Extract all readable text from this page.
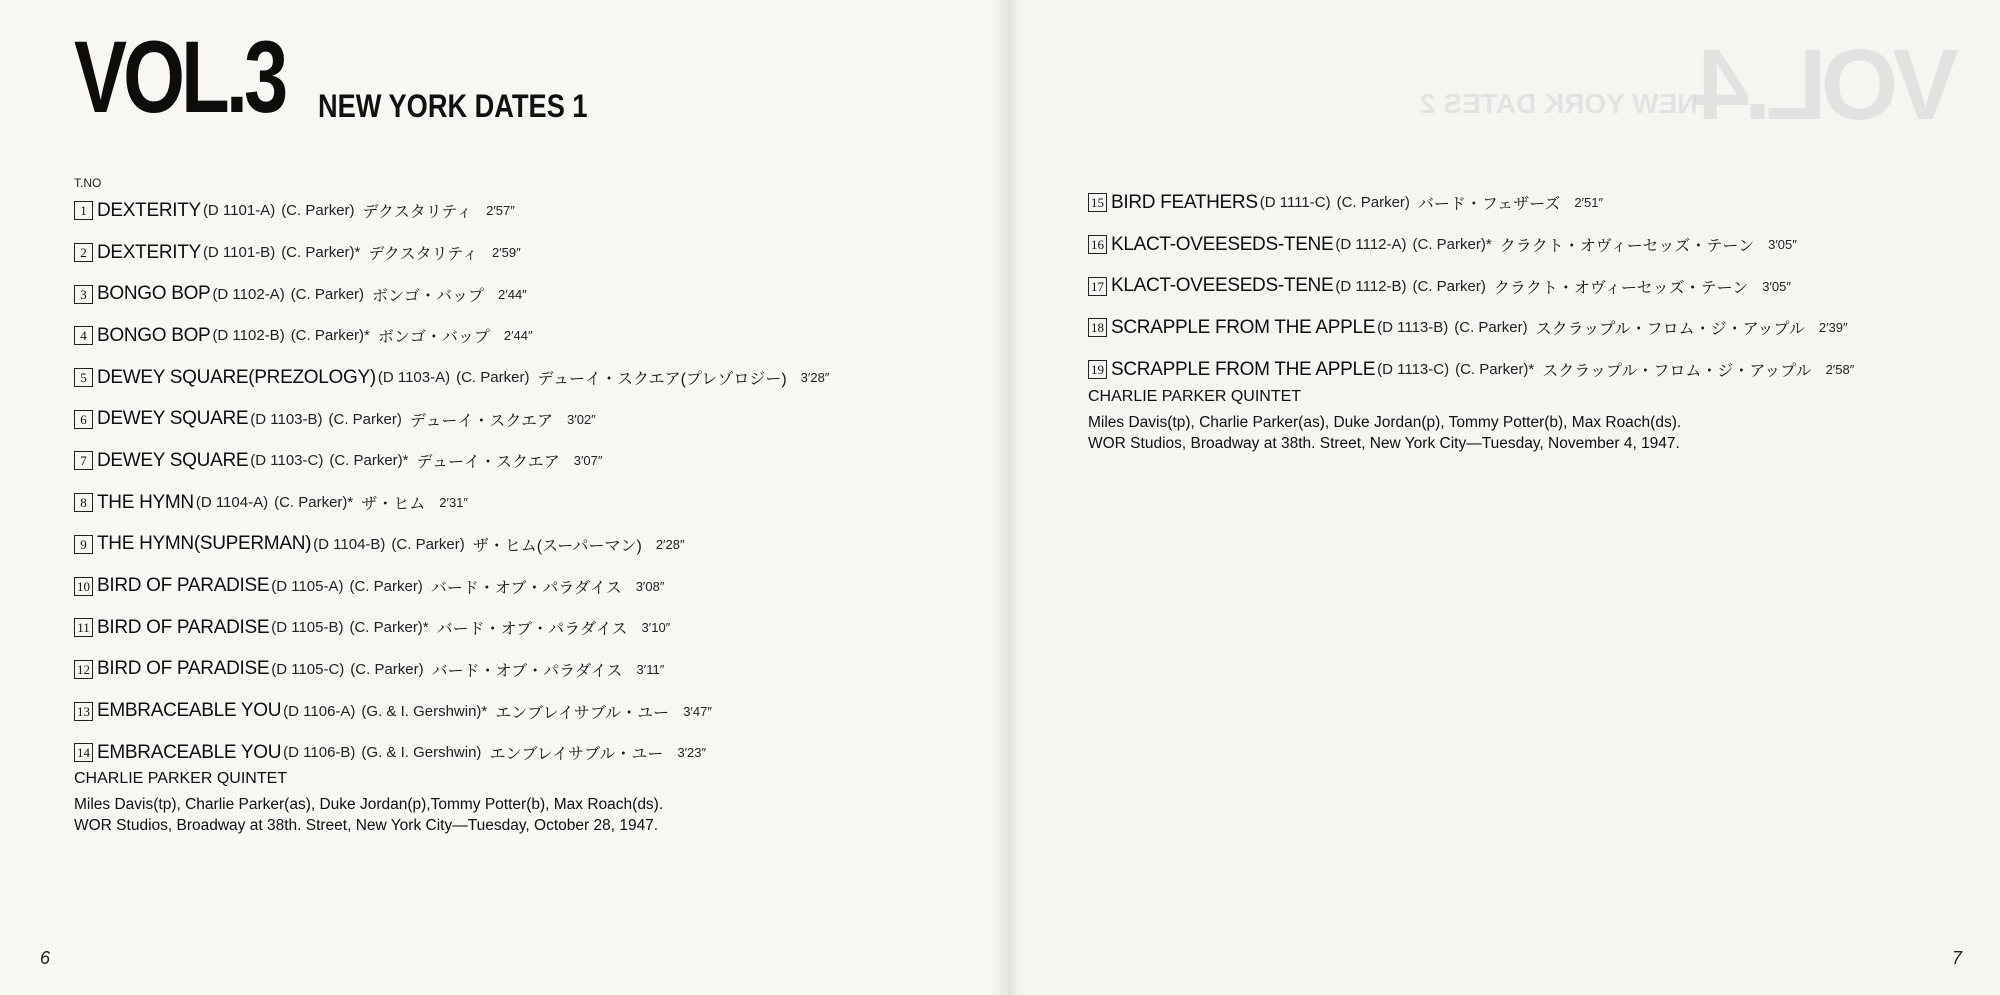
VOL.3 NEW YORK DATES 1
T.NO
1 DEXTERITY (D 1101-A) (C. Parker) デクスタリティ 2′57″
2 DEXTERITY (D 1101-B) (C. Parker)* デクスタリティ 2′59″
3 BONGO BOP (D 1102-A) (C. Parker) ボンゴ・バップ 2′44″
4 BONGO BOP (D 1102-B) (C. Parker)* ボンゴ・バップ 2′44″
5 DEWEY SQUARE(PREZOLOGY) (D 1103-A) (C. Parker) デューイ・スクエア(プレゾロジー) 3′28″
6 DEWEY SQUARE (D 1103-B) (C. Parker) デューイ・スクエア 3′02″
7 DEWEY SQUARE (D 1103-C) (C. Parker)* デューイ・スクエア 3′07″
8 THE HYMN (D 1104-A) (C. Parker)* ザ・ヒム 2′31″
9 THE HYMN(SUPERMAN) (D 1104-B) (C. Parker) ザ・ヒム(スーパーマン) 2′28″
10 BIRD OF PARADISE (D 1105-A) (C. Parker) バード・オブ・パラダイス 3′08″
11 BIRD OF PARADISE (D 1105-B) (C. Parker)* バード・オブ・パラダイス 3′10″
12 BIRD OF PARADISE (D 1105-C) (C. Parker) バード・オブ・パラダイス 3′11″
13 EMBRACEABLE YOU (D 1106-A) (G. & I. Gershwin)* エンブレイサブル・ユー 3′47″
14 EMBRACEABLE YOU (D 1106-B) (G. & I. Gershwin) エンブレイサブル・ユー 3′23″
CHARLIE PARKER QUINTET
Miles Davis(tp), Charlie Parker(as), Duke Jordan(p),Tommy Potter(b), Max Roach(ds).
WOR Studios, Broadway at 38th. Street, New York City—Tuesday, October 28, 1947.
6
15 BIRD FEATHERS (D 1111-C) (C. Parker) バード・フェザーズ 2′51″
16 KLACT-OVEESEDS-TENE (D 1112-A) (C. Parker)* クラクト・オヴィーセッズ・テーン 3′05″
17 KLACT-OVEESEDS-TENE (D 1112-B) (C. Parker) クラクト・オヴィーセッズ・テーン 3′05″
18 SCRAPPLE FROM THE APPLE (D 1113-B) (C. Parker) スクラップル・フロム・ジ・アップル 2′39″
19 SCRAPPLE FROM THE APPLE (D 1113-C) (C. Parker)* スクラップル・フロム・ジ・アップル 2′58″
CHARLIE PARKER QUINTET
Miles Davis(tp), Charlie Parker(as), Duke Jordan(p), Tommy Potter(b), Max Roach(ds).
WOR Studios, Broadway at 38th. Street, New York City—Tuesday, November 4, 1947.
7
